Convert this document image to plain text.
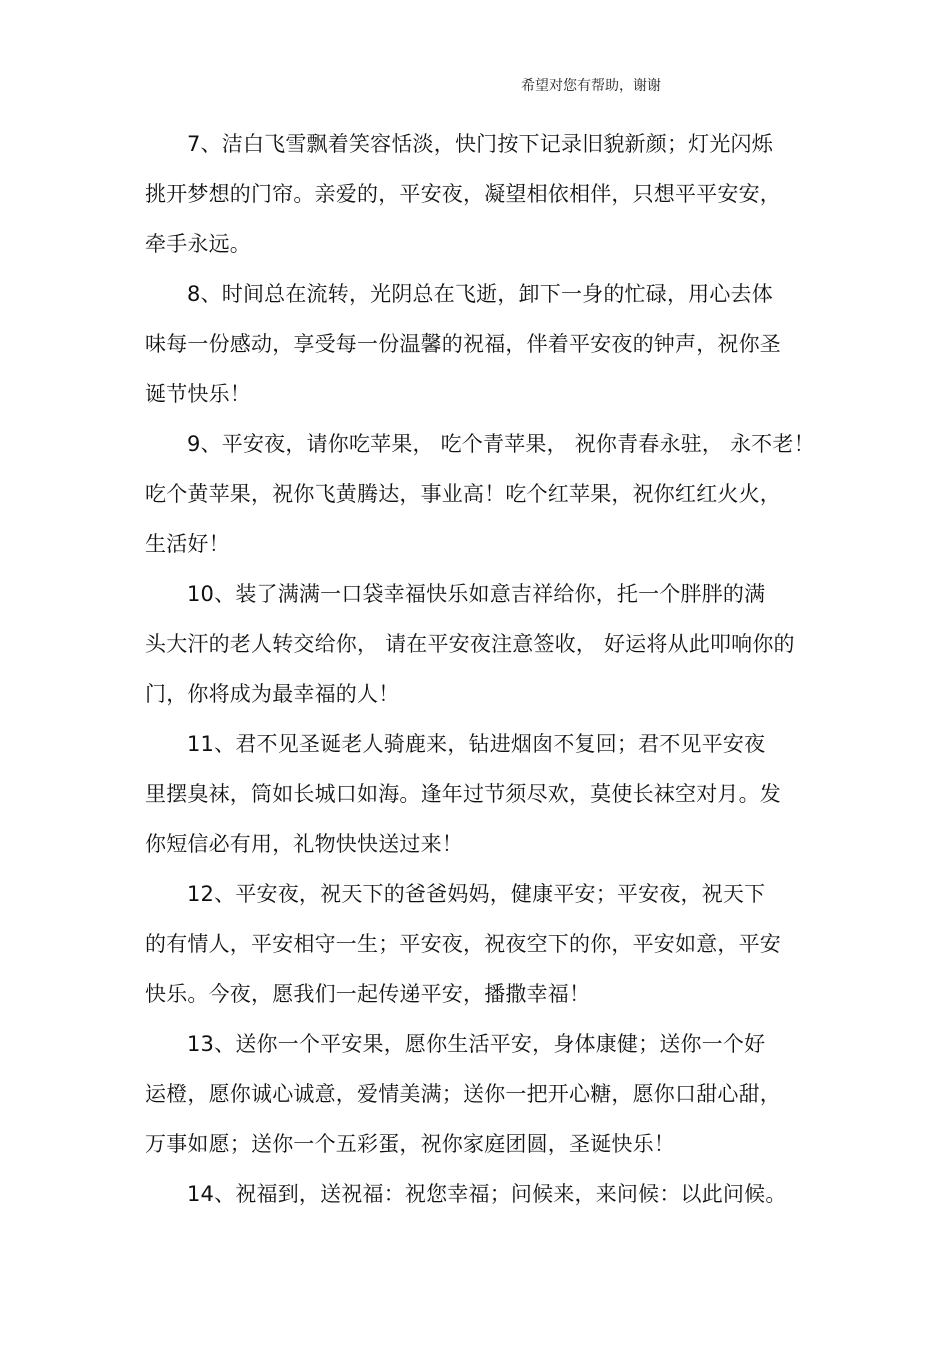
希望对您有帮助，谢谢
7、洁白飞雪飘着笑容恬淡，快门按下记录旧貌新颜；灯光闪烁
挑开梦想的门帘。亲爱的，平安夜，凝望相依相伴，只想平平安安，
牵手永远。
8、时间总在流转，光阴总在飞逝，卸下一身的忙碌，用心去体
味每一份感动，享受每一份温馨的祝福，伴着平安夜的钟声，祝你圣
诞节快乐！
9、平安夜，请你吃苹果， 吃个青苹果， 祝你青春永驻， 永不老！
吃个黄苹果，祝你飞黄腾达，事业高！吃个红苹果，祝你红红火火，
生活好！
10、装了满满一口袋幸福快乐如意吉祥给你，托一个胖胖的满
头大汗的老人转交给你， 请在平安夜注意签收， 好运将从此叩响你的
门，你将成为最幸福的人！
11、君不见圣诞老人骑鹿来，钻进烟囱不复回；君不见平安夜
里摆臭袜，筒如长城口如海。逢年过节须尽欢，莫使长袜空对月。发
你短信必有用，礼物快快送过来！
12、平安夜，祝天下的爸爸妈妈，健康平安；平安夜，祝天下
的有情人，平安相守一生；平安夜，祝夜空下的你，平安如意，平安
快乐。今夜，愿我们一起传递平安，播撒幸福！
13、送你一个平安果，愿你生活平安，身体康健；送你一个好
运橙，愿你诚心诚意，爱情美满；送你一把开心糖，愿你口甜心甜，
万事如愿；送你一个五彩蛋，祝你家庭团圆，圣诞快乐！
14、祝福到，送祝福：祝您幸福；问候来，来问候：以此问候。
